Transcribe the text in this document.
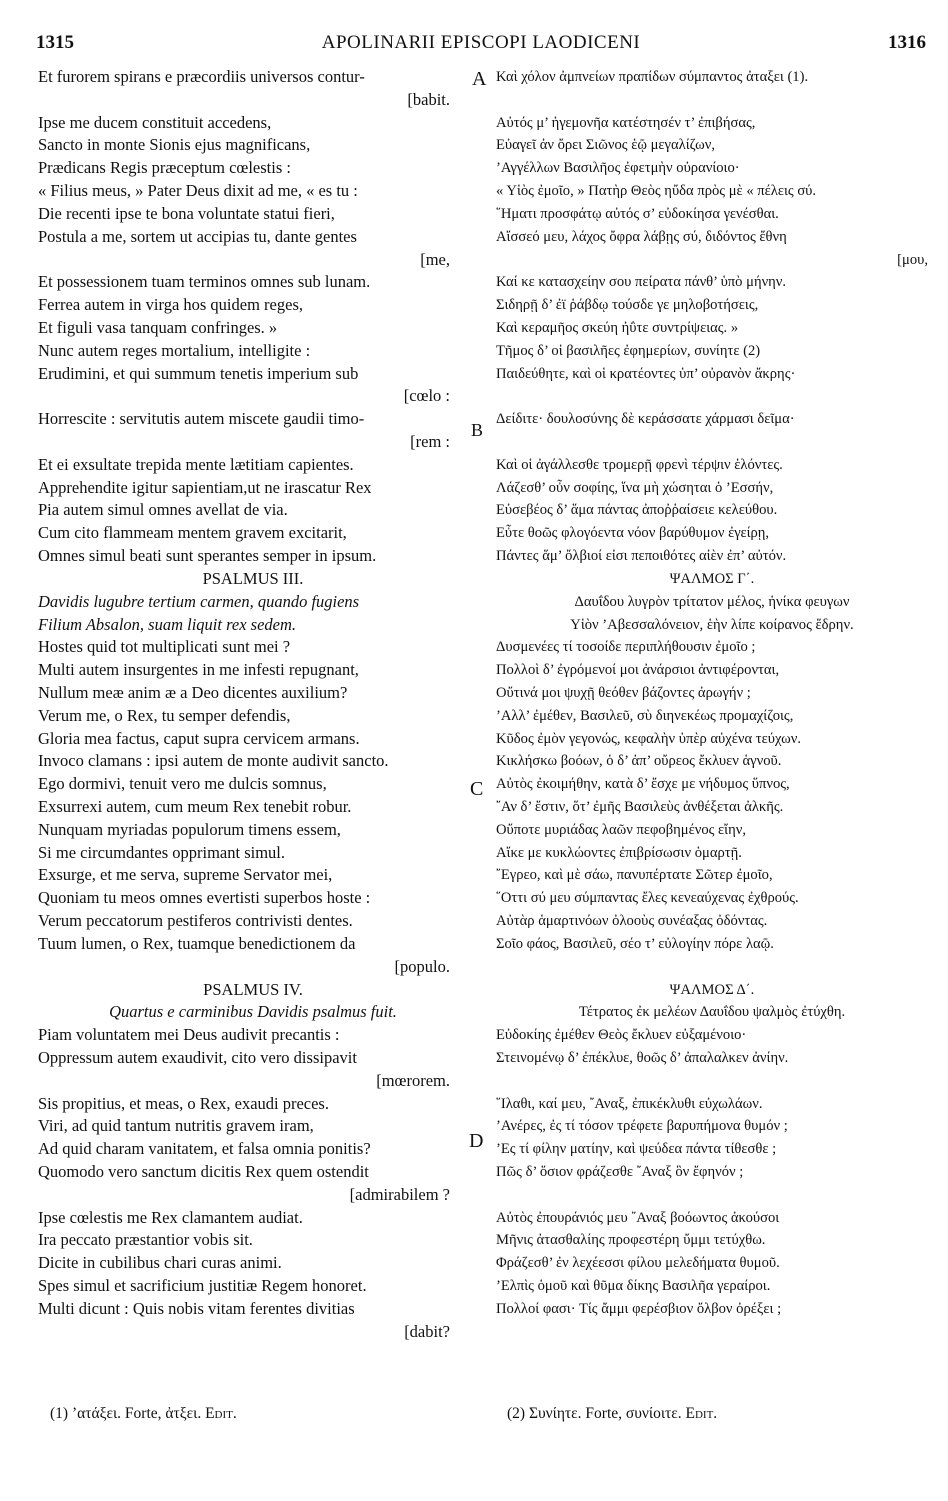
1315	APOLINARII EPISCOPI LAODICENI	1316
Et furorem spirans e præcordiis universos contur-
[babit.
Ipse me ducem constituit accedens,
Sancto in monte Sionis ejus magnificans,
Prædicans Regis præceptum cœlestis :
« Filius meus, » Pater Deus dixit ad me, « es tu :
Die recenti ipse te bona voluntate statui fieri,
Postula a me, sortem ut accipias tu, dante gentes
[me,
Et possessionem tuam terminos omnes sub lunam.
Ferrea autem in virga hos quidem reges,
Et figuli vasa tanquam confringes. »
Nunc autem reges mortalium, intelligite :
Erudimini, et qui summum tenetis imperium sub
[cœlo :
Horrescite : servitutis autem miscete gaudii timo-
[rem :
Et ei exsultate trepida mente lætitiam capientes.
Apprehendite igitur sapientiam,ut ne irascatur Rex
Pia autem simul omnes avellat de via.
Cum cito flammeam mentem gravem excitarit,
Omnes simul beati sunt sperantes semper in ipsum.
PSALMUS III.
Davidis lugubre tertium carmen, quando fugiens
Filium Absalon, suam liquit rex sedem.
Hostes quid tot multiplicati sunt mei ?
Multi autem insurgentes in me infesti repugnant,
Nullum meæ anim æ a Deo dicentes auxilium?
Verum me, o Rex, tu semper defendis,
Gloria mea factus, caput supra cervicem armans.
Invoco clamans : ipsi autem de monte audivit sancto.
Ego dormivi, tenuit vero me dulcis somnus,
Exsurrexi autem, cum meum Rex tenebit robur.
Nunquam myriadas populorum timens essem,
Si me circumdantes opprimant simul.
Exsurge, et me serva, supreme Servator mei,
Quoniam tu meos omnes evertisti superbos hoste :
Verum peccatorum pestiferos contrivisti dentes.
Tuum lumen, o Rex, tuamque benedictionem da
[populo.
PSALMUS IV.
Quartus e carminibus Davidis psalmus fuit.
Piam voluntatem mei Deus audivit precantis :
Oppressum autem exaudivit, cito vero dissipavit
[mœrorem.
Sis propitius, et meas, o Rex, exaudi preces.
Viri, ad quid tantum nutritis gravem iram,
Ad quid charam vanitatem, et falsa omnia ponitis?
Quomodo vero sanctum dicitis Rex quem ostendit
[admirabilem ?
Ipse cœlestis me Rex clamantem audiat.
Ira peccato præstantior vobis sit.
Dicite in cubilibus chari curas animi.
Spes simul et sacrificium justitiæ Regem honoret.
Multi dicunt : Quis nobis vitam ferentes divitias
[dabit?
Καὶ χόλον ἀμπνείων πραπίδων σύμπαντος ἀταξει (1).
Αὐτός μ’ ἡγεμονῆα κατέστησέν τ’ ἐπιβήσας,
Εὐαγεῖ ἀν ὄρει Σιῶνος ἑῷ μεγαλίζων,
’Αγγέλλων Βασιλῆος ἐφετμὴν οὐρανίοιο·
« Υἱὸς ἐμοῖο, » Πατὴρ Θεὸς ηὔδα πρὸς μὲ « πέλεις σύ.
῞Ηματι προσφάτῳ αὐτός σ’ εὐδοκίησα γενέσθαι.
Αἴσσεό μευ, λάχος ὄφρα λάβῃς σύ, διδόντος ἔθνη
[μου,
Καί κε κατασχείην σου πείρατα πάνθ’ ὑπὸ μήνην.
Σιδηρῇ δ’ ἐϊ ῥάβδῳ τούσδε γε μηλοβοτήσεις,
Καὶ κεραμῆος σκεύη ἠΰτε συντρίψειας. »
Τῆμος δ’ οἱ βασιλῆες ἐφημερίων, συνίητε (2)
Παιδεύθητε, καὶ οἱ κρατέοντες ὑπ’ οὐρανὸν ἄκρης·
Δείδιτε· δουλοσύνης δὲ κεράσσατε χάρμασι δεῖμα·
Καὶ οἱ ἀγάλλεσθε τρομερῇ φρενὶ τέρψιν ἑλόντες.
Λάζεσθ’ οὖν σοφίης, ἵνα μὴ χώσηται ὁ ’Εσσήν,
Εὐσεβέος δ’ ἅμα πάντας ἀποῤῥαίσειε κελεύθου.
Εὖτε θοῶς φλογόεντα νόον βαρύθυμον ἐγείρῃ,
Πάντες ἅμ’ ὄλβιοί εἰσι πεποιθότες αἰὲν ἐπ’ αὐτόν.
ΨΑΛΜΟΣ Γ΄.
Δαυΐδου λυγρὸν τρίτατον μέλος, ἡνίκα φευγων
Υἱὸν ’Αβεσσαλόνειον, ἑὴν λίπε κοίρανος ἕδρην.
Δυσμενέες τί τοσοίδε περιπλήθουσιν ἐμοῖο ;
Πολλοὶ δ’ ἐγρόμενοί μοι ἀνάρσιοι ἀντιφέρονται,
Οὔτινά μοι ψυχῇ θεόθεν βάζοντες ἀρωγήν ;
’Αλλ’ ἐμέθεν, Βασιλεῦ, σὺ διηνεκέως προμαχίζοις,
Κῦδος ἐμὸν γεγονώς, κεφαλὴν ὑπὲρ αὐχένα τεύχων.
Κικλήσκω βοόων, ὁ δ’ ἀπ’ οὔρεος ἔκλυεν ἁγνοῦ.
Αὐτὸς ἐκοιμήθην, κατὰ δ’ ἔσχε με νήδυμος ὕπνος,
῎Αν δ’ ἔστιν, ὅτ’ ἐμῆς Βασιλεὺς ἀνθέξεται ἀλκῆς.
Οὔποτε μυριάδας λαῶν πεφοβημένος εἴην,
Αἴκε με κυκλώοντες ἐπιβρίσωσιν ὁμαρτῇ.
῎Εγρεο, καὶ μὲ σάω, πανυπέρτατε Σῶτερ ἐμοῖο,
῞Οττι σύ μευ σύμπαντας ἔλες κενεαύχενας ἐχθρούς.
Αὐτὰρ ἁμαρτινόων ὀλοοὺς συνέαξας ὀδόντας.
Σοῖο φάος, Βασιλεῦ, σέο τ’ εὐλογίην πόρε λαῷ.
ΨΑΛΜΟΣ Δ΄.
Τέτρατος ἐκ μελέων Δαυΐδου ψαλμὸς ἐτύχθη.
Εὐδοκίης ἐμέθεν Θεὸς ἔκλυεν εὐξαμένοιο·
Στεινομένῳ δ’ ἐπέκλυε, θοῶς δ’ ἀπαλαλκεν ἀνίην.
῞Ιλαθι, καί μευ, ῎Αναξ, ἐπικέκλυθι εὐχωλάων.
’Ανέρες, ἐς τί τόσον τρέφετε βαρυπήμονα θυμόν ;
’Ες τί φίλην ματίην, καὶ ψεύδεα πάντα τίθεσθε ;
Πῶς δ’ ὅσιον φράζεσθε ῎Αναξ ὃν ἔφηνόν ;
Αὐτὸς ἐπουράνιός μευ ῎Αναξ βοόωντος ἀκούσοι
Μῆνις ἀτασθαλίης προφεστέρη ὔμμι τετύχθω.
Φράζεσθ’ ἐν λεχέεσσι φίλου μελεδήματα θυμοῦ.
’Ελπὶς ὁμοῦ καὶ θῦμα δίκης Βασιλῆα γεραίροι.
Πολλοί φασι· Τίς ἄμμι φερέσβιον ὄλβον ὀρέξει ;
A
B
C
D
(1) ’ατάξει. Forte, ἀτξει. Edit.	(2) Συνίητε. Forte, συνίοιτε. Edit.
